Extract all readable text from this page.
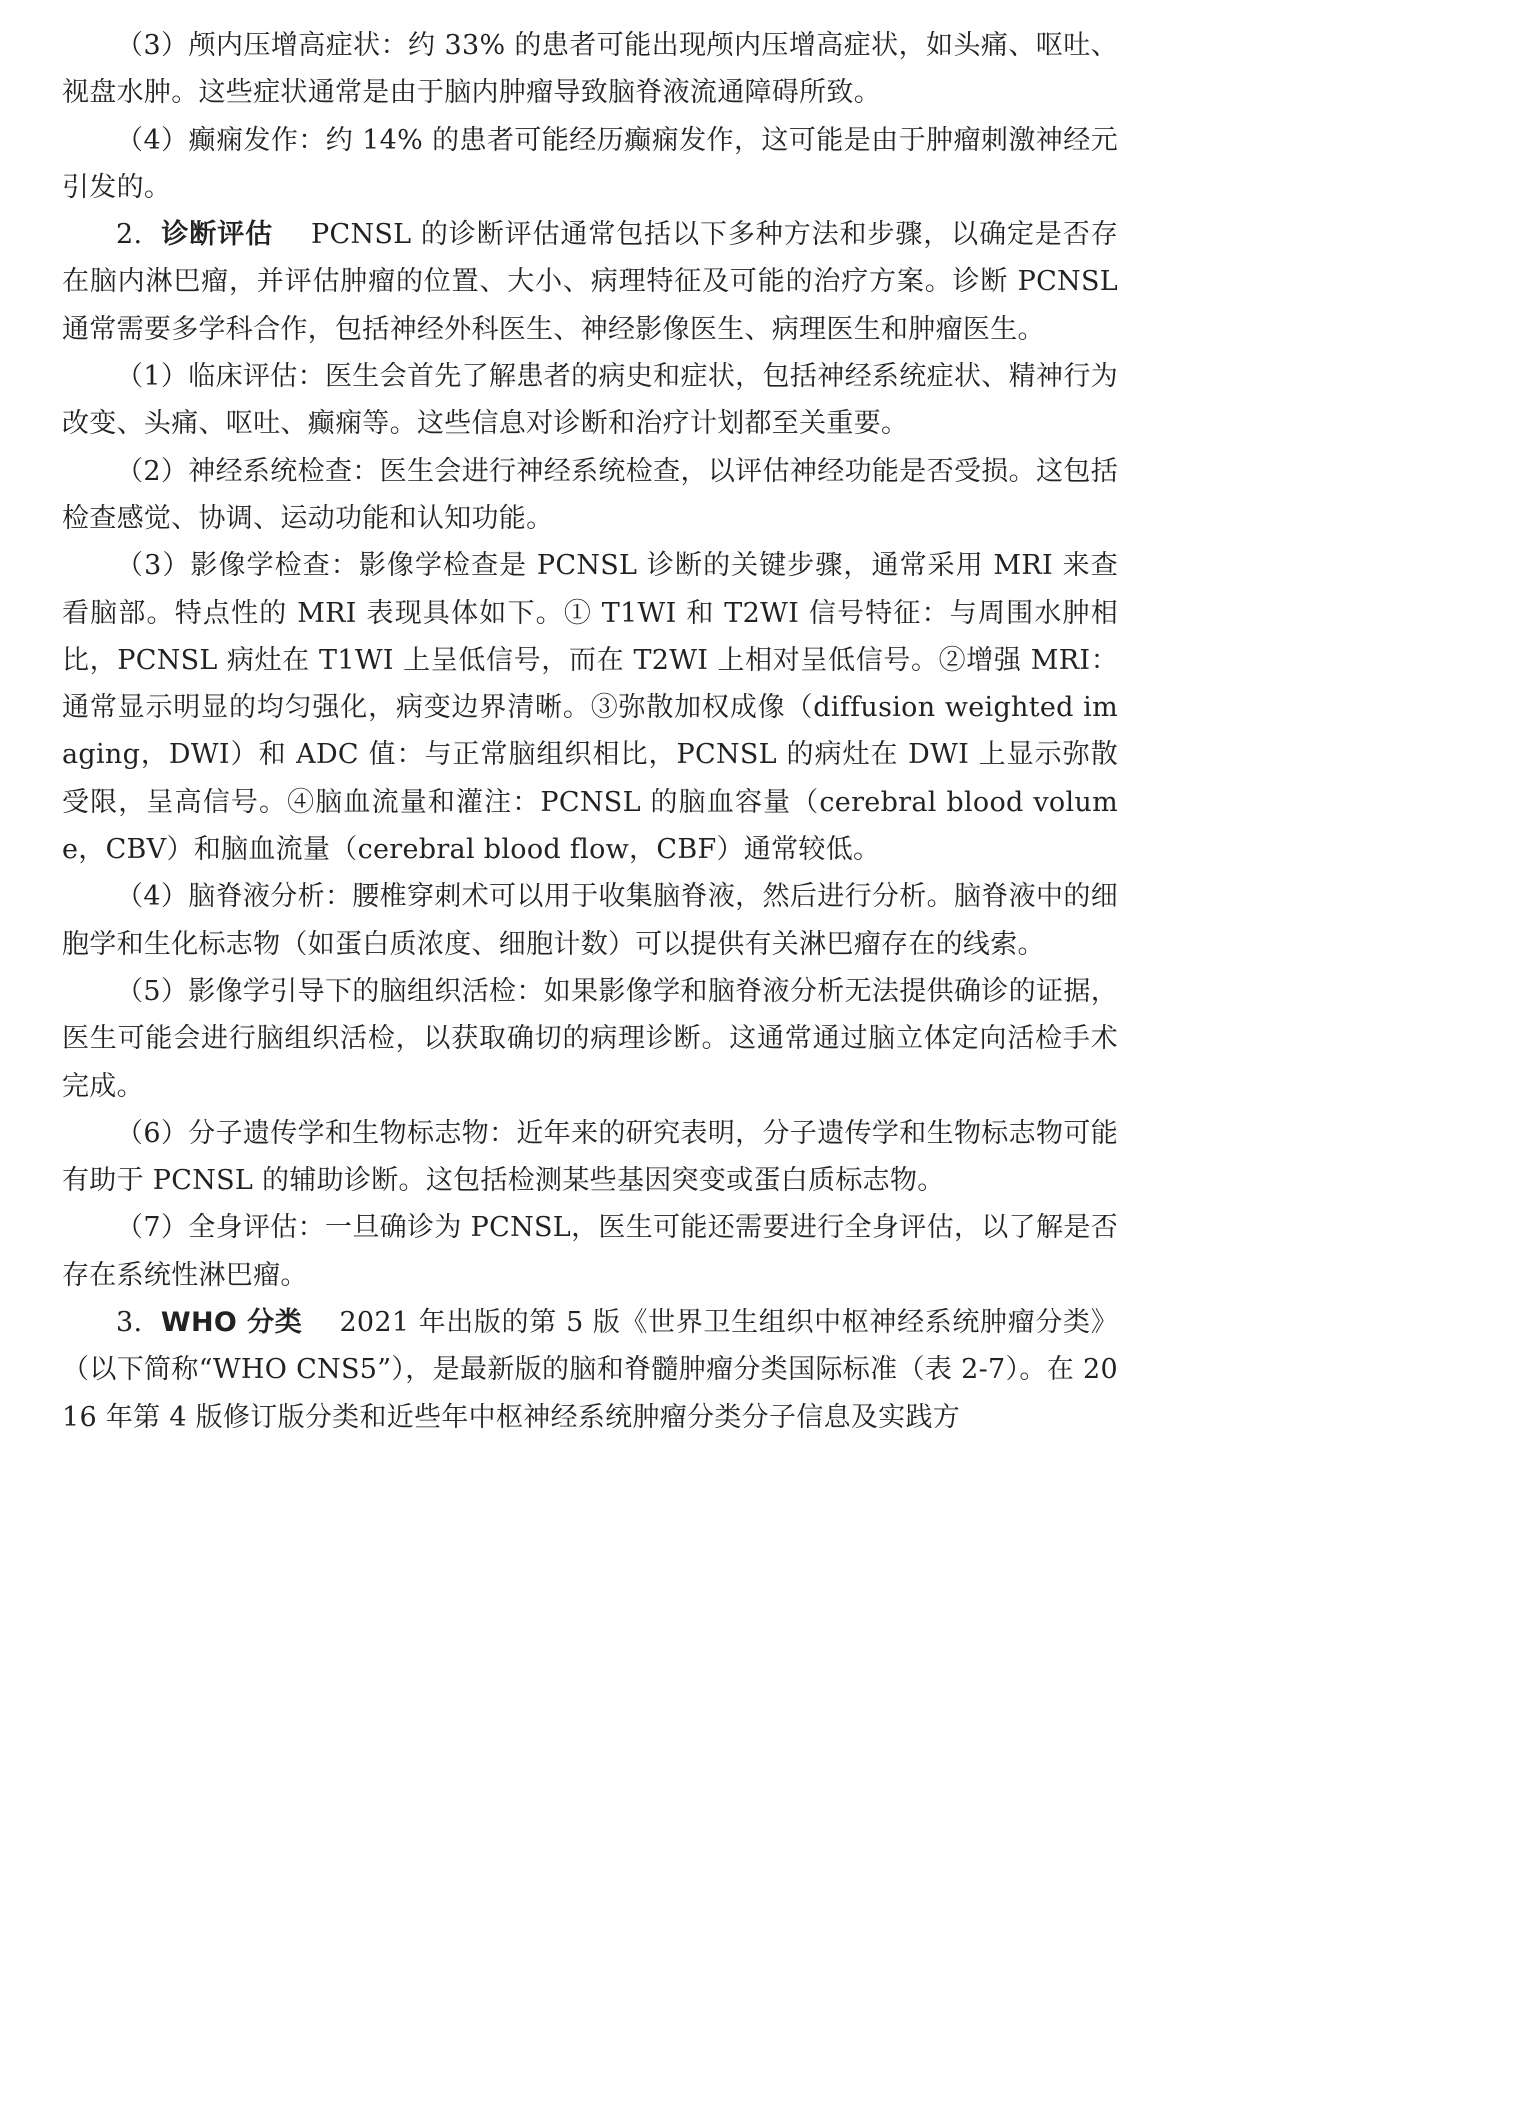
（3）颅内压增高症状：约 33% 的患者可能出现颅内压增高症状，如头痛、呕吐、视盘水肿。这些症状通常是由于脑内肿瘤导致脑脊液流通障碍所致。

（4）癫痫发作：约 14% 的患者可能经历癫痫发作，这可能是由于肿瘤刺激神经元引发的。

2. 诊断评估 PCNSL 的诊断评估通常包括以下多种方法和步骤，以确定是否存在脑内淋巴瘤，并评估肿瘤的位置、大小、病理特征及可能的治疗方案。诊断 PCNSL 通常需要多学科合作，包括神经外科医生、神经影像医生、病理医生和肿瘤医生。

（1）临床评估：医生会首先了解患者的病史和症状，包括神经系统症状、精神行为改变、头痛、呕吐、癫痫等。这些信息对诊断和治疗计划都至关重要。

（2）神经系统检查：医生会进行神经系统检查，以评估神经功能是否受损。这包括检查感觉、协调、运动功能和认知功能。

（3）影像学检查：影像学检查是 PCNSL 诊断的关键步骤，通常采用 MRI 来查看脑部。特点性的 MRI 表现具体如下。① T1WI 和 T2WI 信号特征：与周围水肿相比，PCNSL 病灶在 T1WI 上呈低信号，而在 T2WI 上相对呈低信号。②增强 MRI：通常显示明显的均匀强化，病变边界清晰。③弥散加权成像（diffusion weighted imaging，DWI）和 ADC 值：与正常脑组织相比，PCNSL 的病灶在 DWI 上显示弥散受限，呈高信号。④脑血流量和灌注：PCNSL 的脑血容量（cerebral blood volume，CBV）和脑血流量（cerebral blood flow，CBF）通常较低。

（4）脑脊液分析：腰椎穿刺术可以用于收集脑脊液，然后进行分析。脑脊液中的细胞学和生化标志物（如蛋白质浓度、细胞计数）可以提供有关淋巴瘤存在的线索。

（5）影像学引导下的脑组织活检：如果影像学和脑脊液分析无法提供确诊的证据，医生可能会进行脑组织活检，以获取确切的病理诊断。这通常通过脑立体定向活检手术完成。

（6）分子遗传学和生物标志物：近年来的研究表明，分子遗传学和生物标志物可能有助于 PCNSL 的辅助诊断。这包括检测某些基因突变或蛋白质标志物。

（7）全身评估：一旦确诊为 PCNSL，医生可能还需要进行全身评估，以了解是否存在系统性淋巴瘤。

3. WHO 分类 2021 年出版的第 5 版《世界卫生组织中枢神经系统肿瘤分类》（以下简称“WHO CNS5”），是最新版的脑和脊髓肿瘤分类国际标准（表 2-7）。在 2016 年第 4 版修订版分类和近些年中枢神经系统肿瘤分类分子信息及实践方
